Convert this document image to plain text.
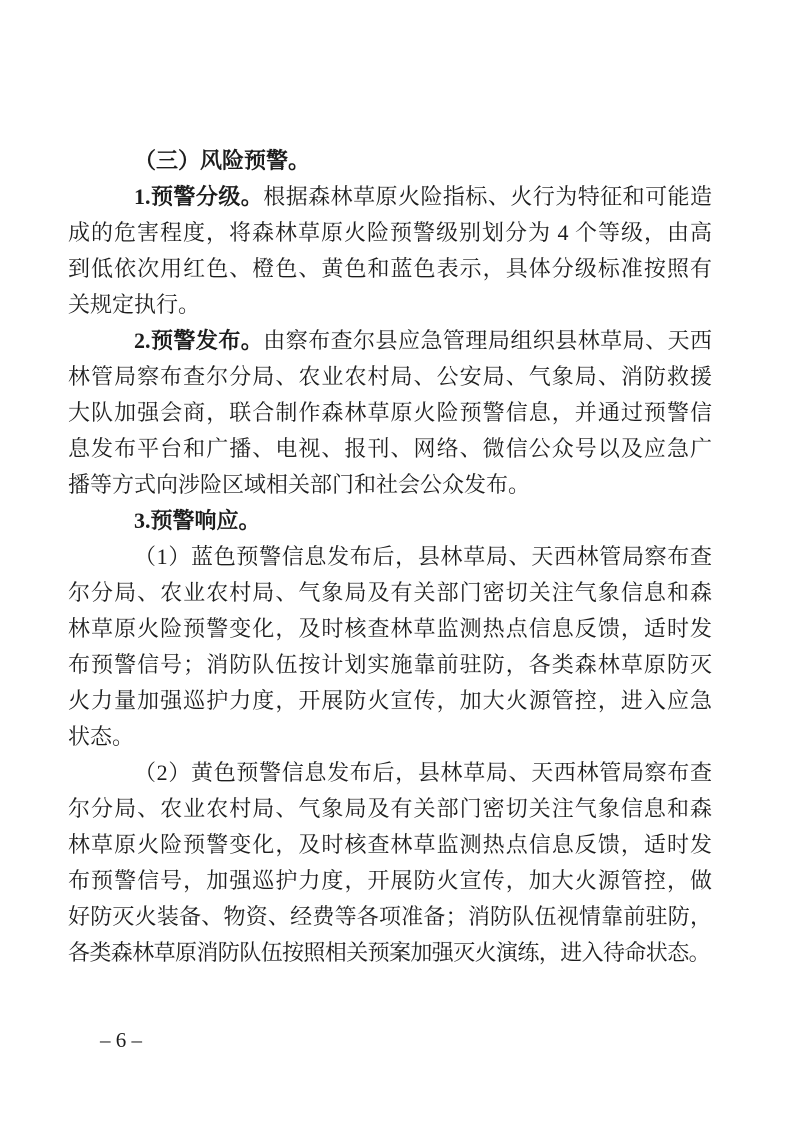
（三）风险预警。
1.预警分级。根据森林草原火险指标、火行为特征和可能造
成的危害程度，将森林草原火险预警级别划分为 4 个等级，由高
到低依次用红色、橙色、黄色和蓝色表示，具体分级标准按照有
关规定执行。
2.预警发布。由察布查尔县应急管理局组织县林草局、天西
林管局察布查尔分局、农业农村局、公安局、气象局、消防救援
大队加强会商，联合制作森林草原火险预警信息，并通过预警信
息发布平台和广播、电视、报刊、网络、微信公众号以及应急广
播等方式向涉险区域相关部门和社会公众发布。
3.预警响应。
（1）蓝色预警信息发布后，县林草局、天西林管局察布查
尔分局、农业农村局、气象局及有关部门密切关注气象信息和森
林草原火险预警变化，及时核查林草监测热点信息反馈，适时发
布预警信号；消防队伍按计划实施靠前驻防，各类森林草原防灭
火力量加强巡护力度，开展防火宣传，加大火源管控，进入应急
状态。
（2）黄色预警信息发布后，县林草局、天西林管局察布查
尔分局、农业农村局、气象局及有关部门密切关注气象信息和森
林草原火险预警变化，及时核查林草监测热点信息反馈，适时发
布预警信号，加强巡护力度，开展防火宣传，加大火源管控，做
好防灭火装备、物资、经费等各项准备；消防队伍视情靠前驻防，
各类森林草原消防队伍按照相关预案加强灭火演练，进入待命状态。
– 6 –
